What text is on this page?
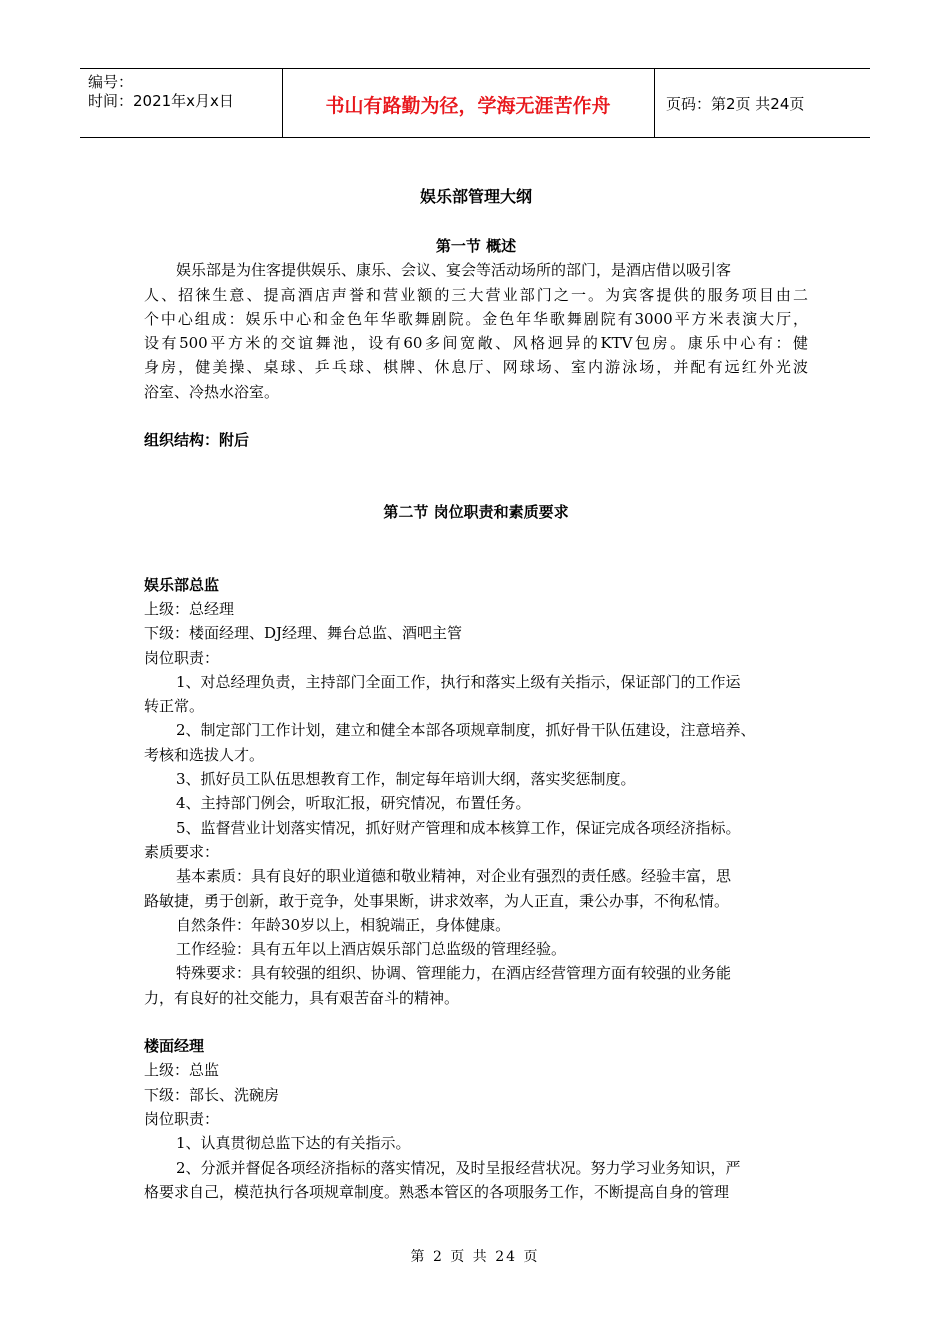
编号：
时间：2021年x月x日	书山有路勤为径，学海无涯苦作舟	页码：第2页 共24页
娱乐部管理大纲
第一节 概述
娱乐部是为住客提供娱乐、康乐、会议、宴会等活动场所的部门，是酒店借以吸引客
人、招徕生意、提高酒店声誉和营业额的三大营业部门之一。为宾客提供的服务项目由二
个中心组成：娱乐中心和金色年华歌舞剧院。金色年华歌舞剧院有3000平方米表演大厅，
设有500平方米的交谊舞池，设有60多间宽敞、风格迥异的KTV包房。康乐中心有：健
身房，健美操、桌球、乒乓球、棋牌、休息厅、网球场、室内游泳场，并配有远红外光波
浴室、冷热水浴室。
组织结构：附后
第二节 岗位职责和素质要求
娱乐部总监
上级：总经理
下级：楼面经理、DJ经理、舞台总监、酒吧主管
岗位职责：
1、对总经理负责，主持部门全面工作，执行和落实上级有关指示，保证部门的工作运
转正常。
2、制定部门工作计划，建立和健全本部各项规章制度，抓好骨干队伍建设，注意培养、
考核和选拔人才。
3、抓好员工队伍思想教育工作，制定每年培训大纲，落实奖惩制度。
4、主持部门例会，听取汇报，研究情况，布置任务。
5、监督营业计划落实情况，抓好财产管理和成本核算工作，保证完成各项经济指标。
素质要求：
基本素质：具有良好的职业道德和敬业精神，对企业有强烈的责任感。经验丰富，思
路敏捷，勇于创新，敢于竞争，处事果断，讲求效率，为人正直，秉公办事，不徇私情。
自然条件：年龄30岁以上，相貌端正，身体健康。
工作经验：具有五年以上酒店娱乐部门总监级的管理经验。
特殊要求：具有较强的组织、协调、管理能力，在酒店经营管理方面有较强的业务能
力，有良好的社交能力，具有艰苦奋斗的精神。
楼面经理
上级：总监
下级：部长、洗碗房
岗位职责：
1、认真贯彻总监下达的有关指示。
2、分派并督促各项经济指标的落实情况，及时呈报经营状况。努力学习业务知识，严
格要求自己，模范执行各项规章制度。熟悉本管区的各项服务工作，不断提高自身的管理
第 2 页 共 24 页
